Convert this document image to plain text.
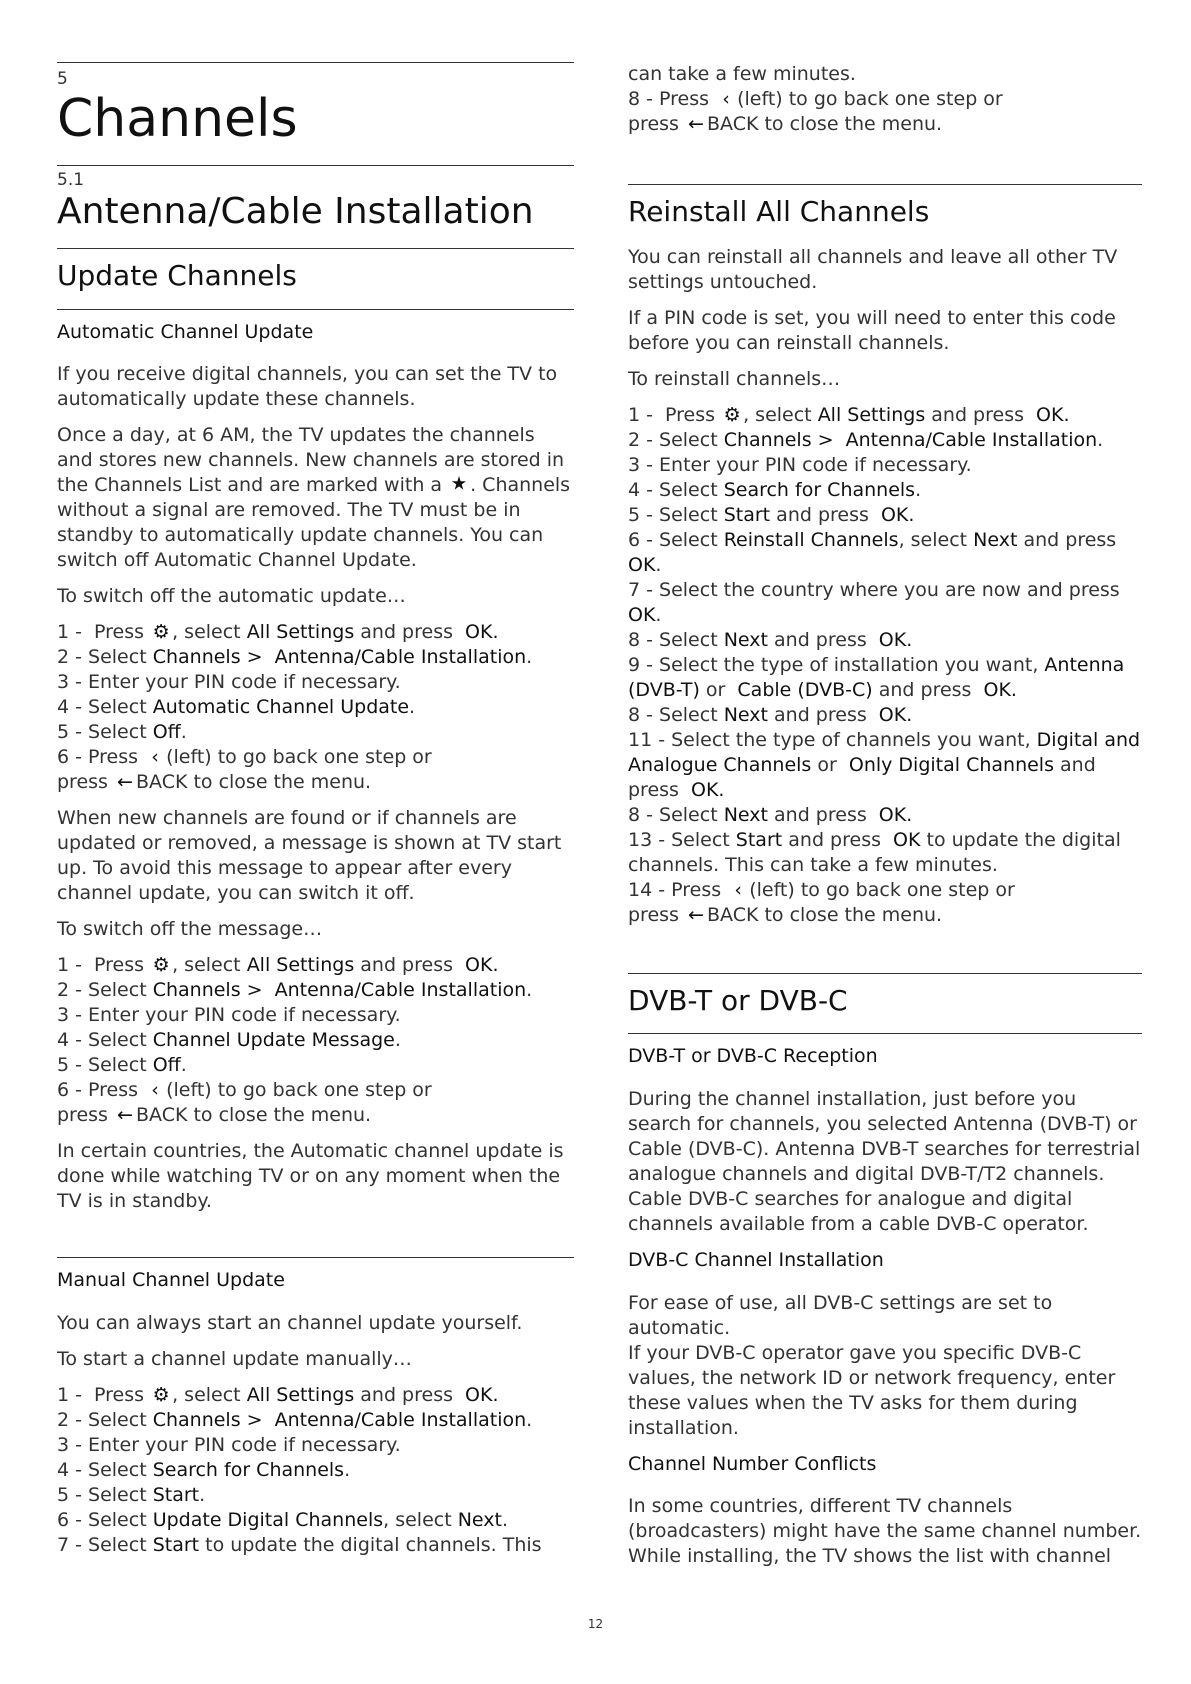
5
Channels
5.1
Antenna/Cable Installation
Update Channels
Automatic Channel Update

If you receive digital channels, you can set the TV to automatically update these channels.

Once a day, at 6 AM, the TV updates the channels and stores new channels. New channels are stored in the Channels List and are marked with a . Channels without a signal are removed. The TV must be in standby to automatically update channels. You can switch off Automatic Channel Update.

To switch off the automatic update…

1 - Press ⚙ , select All Settings and press OK.
2 - Select Channels > Antenna/Cable Installation.
3 - Enter your PIN code if necessary.
4 - Select Automatic Channel Update.
5 - Select Off.
6 - Press ‹ (left) to go back one step or
press ← BACK to close the menu.

When new channels are found or if channels are updated or removed, a message is shown at TV start up. To avoid this message to appear after every channel update, you can switch it off.

To switch off the message…

1 - Press ⚙ , select All Settings and press OK.
2 - Select Channels > Antenna/Cable Installation.
3 - Enter your PIN code if necessary.
4 - Select Channel Update Message.
5 - Select Off.
6 - Press ‹ (left) to go back one step or
press ← BACK to close the menu.

In certain countries, the Automatic channel update is done while watching TV or on any moment when the TV is in standby.

Manual Channel Update

You can always start an channel update yourself.

To start a channel update manually…

1 - Press ⚙ , select All Settings and press OK.
2 - Select Channels > Antenna/Cable Installation.
3 - Enter your PIN code if necessary.
4 - Select Search for Channels.
5 - Select Start.
6 - Select Update Digital Channels, select Next.
7 - Select Start to update the digital channels. This
can take a few minutes.
8 - Press ‹ (left) to go back one step or
press ← BACK to close the menu.
Reinstall All Channels

You can reinstall all channels and leave all other TV settings untouched.

If a PIN code is set, you will need to enter this code before you can reinstall channels.

To reinstall channels…

1 - Press ⚙ , select All Settings and press OK.
2 - Select Channels > Antenna/Cable Installation.
3 - Enter your PIN code if necessary.
4 - Select Search for Channels.
5 - Select Start and press OK.
6 - Select Reinstall Channels, select Next and press OK.
7 - Select the country where you are now and press OK.
8 - Select Next and press OK.
9 - Select the type of installation you want, Antenna (DVB-T) or Cable (DVB-C) and press OK.
8 - Select Next and press OK.
11 - Select the type of channels you want, Digital and Analogue Channels or Only Digital Channels and press OK.
8 - Select Next and press OK.
13 - Select Start and press OK to update the digital channels. This can take a few minutes.
14 - Press ‹ (left) to go back one step or
press ← BACK to close the menu.
DVB-T or DVB-C
DVB-T or DVB-C Reception

During the channel installation, just before you search for channels, you selected Antenna (DVB-T) or Cable (DVB-C). Antenna DVB-T searches for terrestrial analogue channels and digital DVB-T/T2 channels. Cable DVB-C searches for analogue and digital channels available from a cable DVB-C operator.

DVB-C Channel Installation

For ease of use, all DVB-C settings are set to automatic.
If your DVB-C operator gave you specific DVB-C values, the network ID or network frequency, enter these values when the TV asks for them during installation.

Channel Number Conflicts

In some countries, different TV channels (broadcasters) might have the same channel number. While installing, the TV shows the list with channel

12
